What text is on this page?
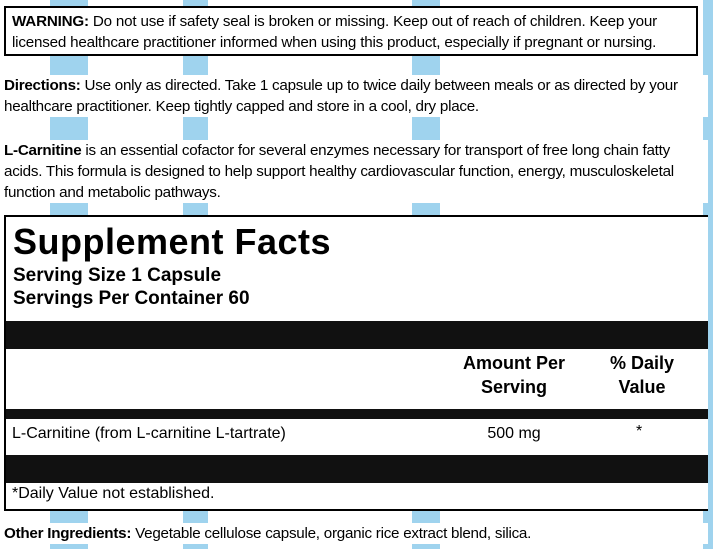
WARNING: Do not use if safety seal is broken or missing. Keep out of reach of children. Keep your licensed healthcare practitioner informed when using this product, especially if pregnant or nursing.
Directions: Use only as directed. Take 1 capsule up to twice daily between meals or as directed by your healthcare practitioner. Keep tightly capped and store in a cool, dry place.
L-Carnitine is an essential cofactor for several enzymes necessary for transport of free long chain fatty acids. This formula is designed to help support healthy cardiovascular function, energy, musculoskeletal function and metabolic pathways.
Supplement Facts
Serving Size 1 Capsule
Servings Per Container 60
Amount Per
Serving
% Daily
Value
L-Carnitine (from L-carnitine L-tartrate)	500 mg	*
*Daily Value not established.
Other Ingredients: Vegetable cellulose capsule, organic rice extract blend, silica.
